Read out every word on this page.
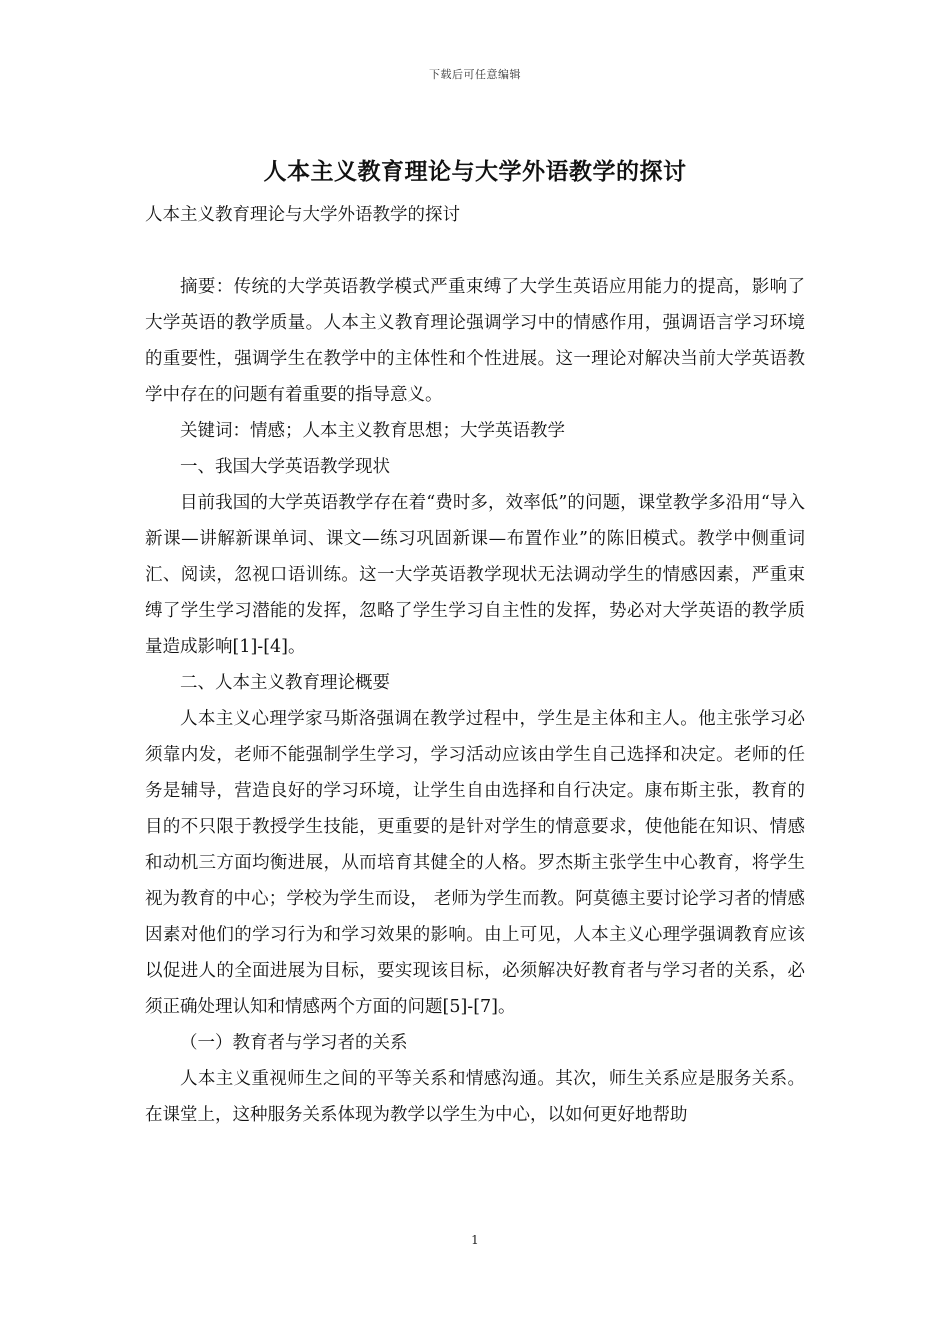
下载后可任意编辑
人本主义教育理论与大学外语教学的探讨

人本主义教育理论与大学外语教学的探讨

摘要：传统的大学英语教学模式严重束缚了大学生英语应用能力的提高，影响了大学英语的教学质量。人本主义教育理论强调学习中的情感作用，强调语言学习环境的重要性，强调学生在教学中的主体性和个性进展。这一理论对解决当前大学英语教学中存在的问题有着重要的指导意义。

关键词：情感；人本主义教育思想；大学英语教学

一、我国大学英语教学现状

目前我国的大学英语教学存在着“费时多，效率低”的问题，课堂教学多沿用“导入新课—讲解新课单词、课文—练习巩固新课—布置作业”的陈旧模式。教学中侧重词汇、阅读，忽视口语训练。这一大学英语教学现状无法调动学生的情感因素，严重束缚了学生学习潜能的发挥，忽略了学生学习自主性的发挥，势必对大学英语的教学质量造成影响[1]-[4]。

二、人本主义教育理论概要

人本主义心理学家马斯洛强调在教学过程中，学生是主体和主人。他主张学习必须靠内发，老师不能强制学生学习，学习活动应该由学生自己选择和决定。老师的任务是辅导，营造良好的学习环境，让学生自由选择和自行决定。康布斯主张，教育的目的不只限于教授学生技能，更重要的是针对学生的情意要求，使他能在知识、情感和动机三方面均衡进展，从而培育其健全的人格。罗杰斯主张学生中心教育，将学生视为教育的中心；学校为学生而设， 老师为学生而教。阿莫德主要讨论学习者的情感因素对他们的学习行为和学习效果的影响。由上可见，人本主义心理学强调教育应该以促进人的全面进展为目标，要实现该目标，必须解决好教育者与学习者的关系，必须正确处理认知和情感两个方面的问题[5]-[7]。

（一）教育者与学习者的关系

人本主义重视师生之间的平等关系和情感沟通。其次，师生关系应是服务关系。在课堂上，这种服务关系体现为教学以学生为中心，以如何更好地帮助

1
